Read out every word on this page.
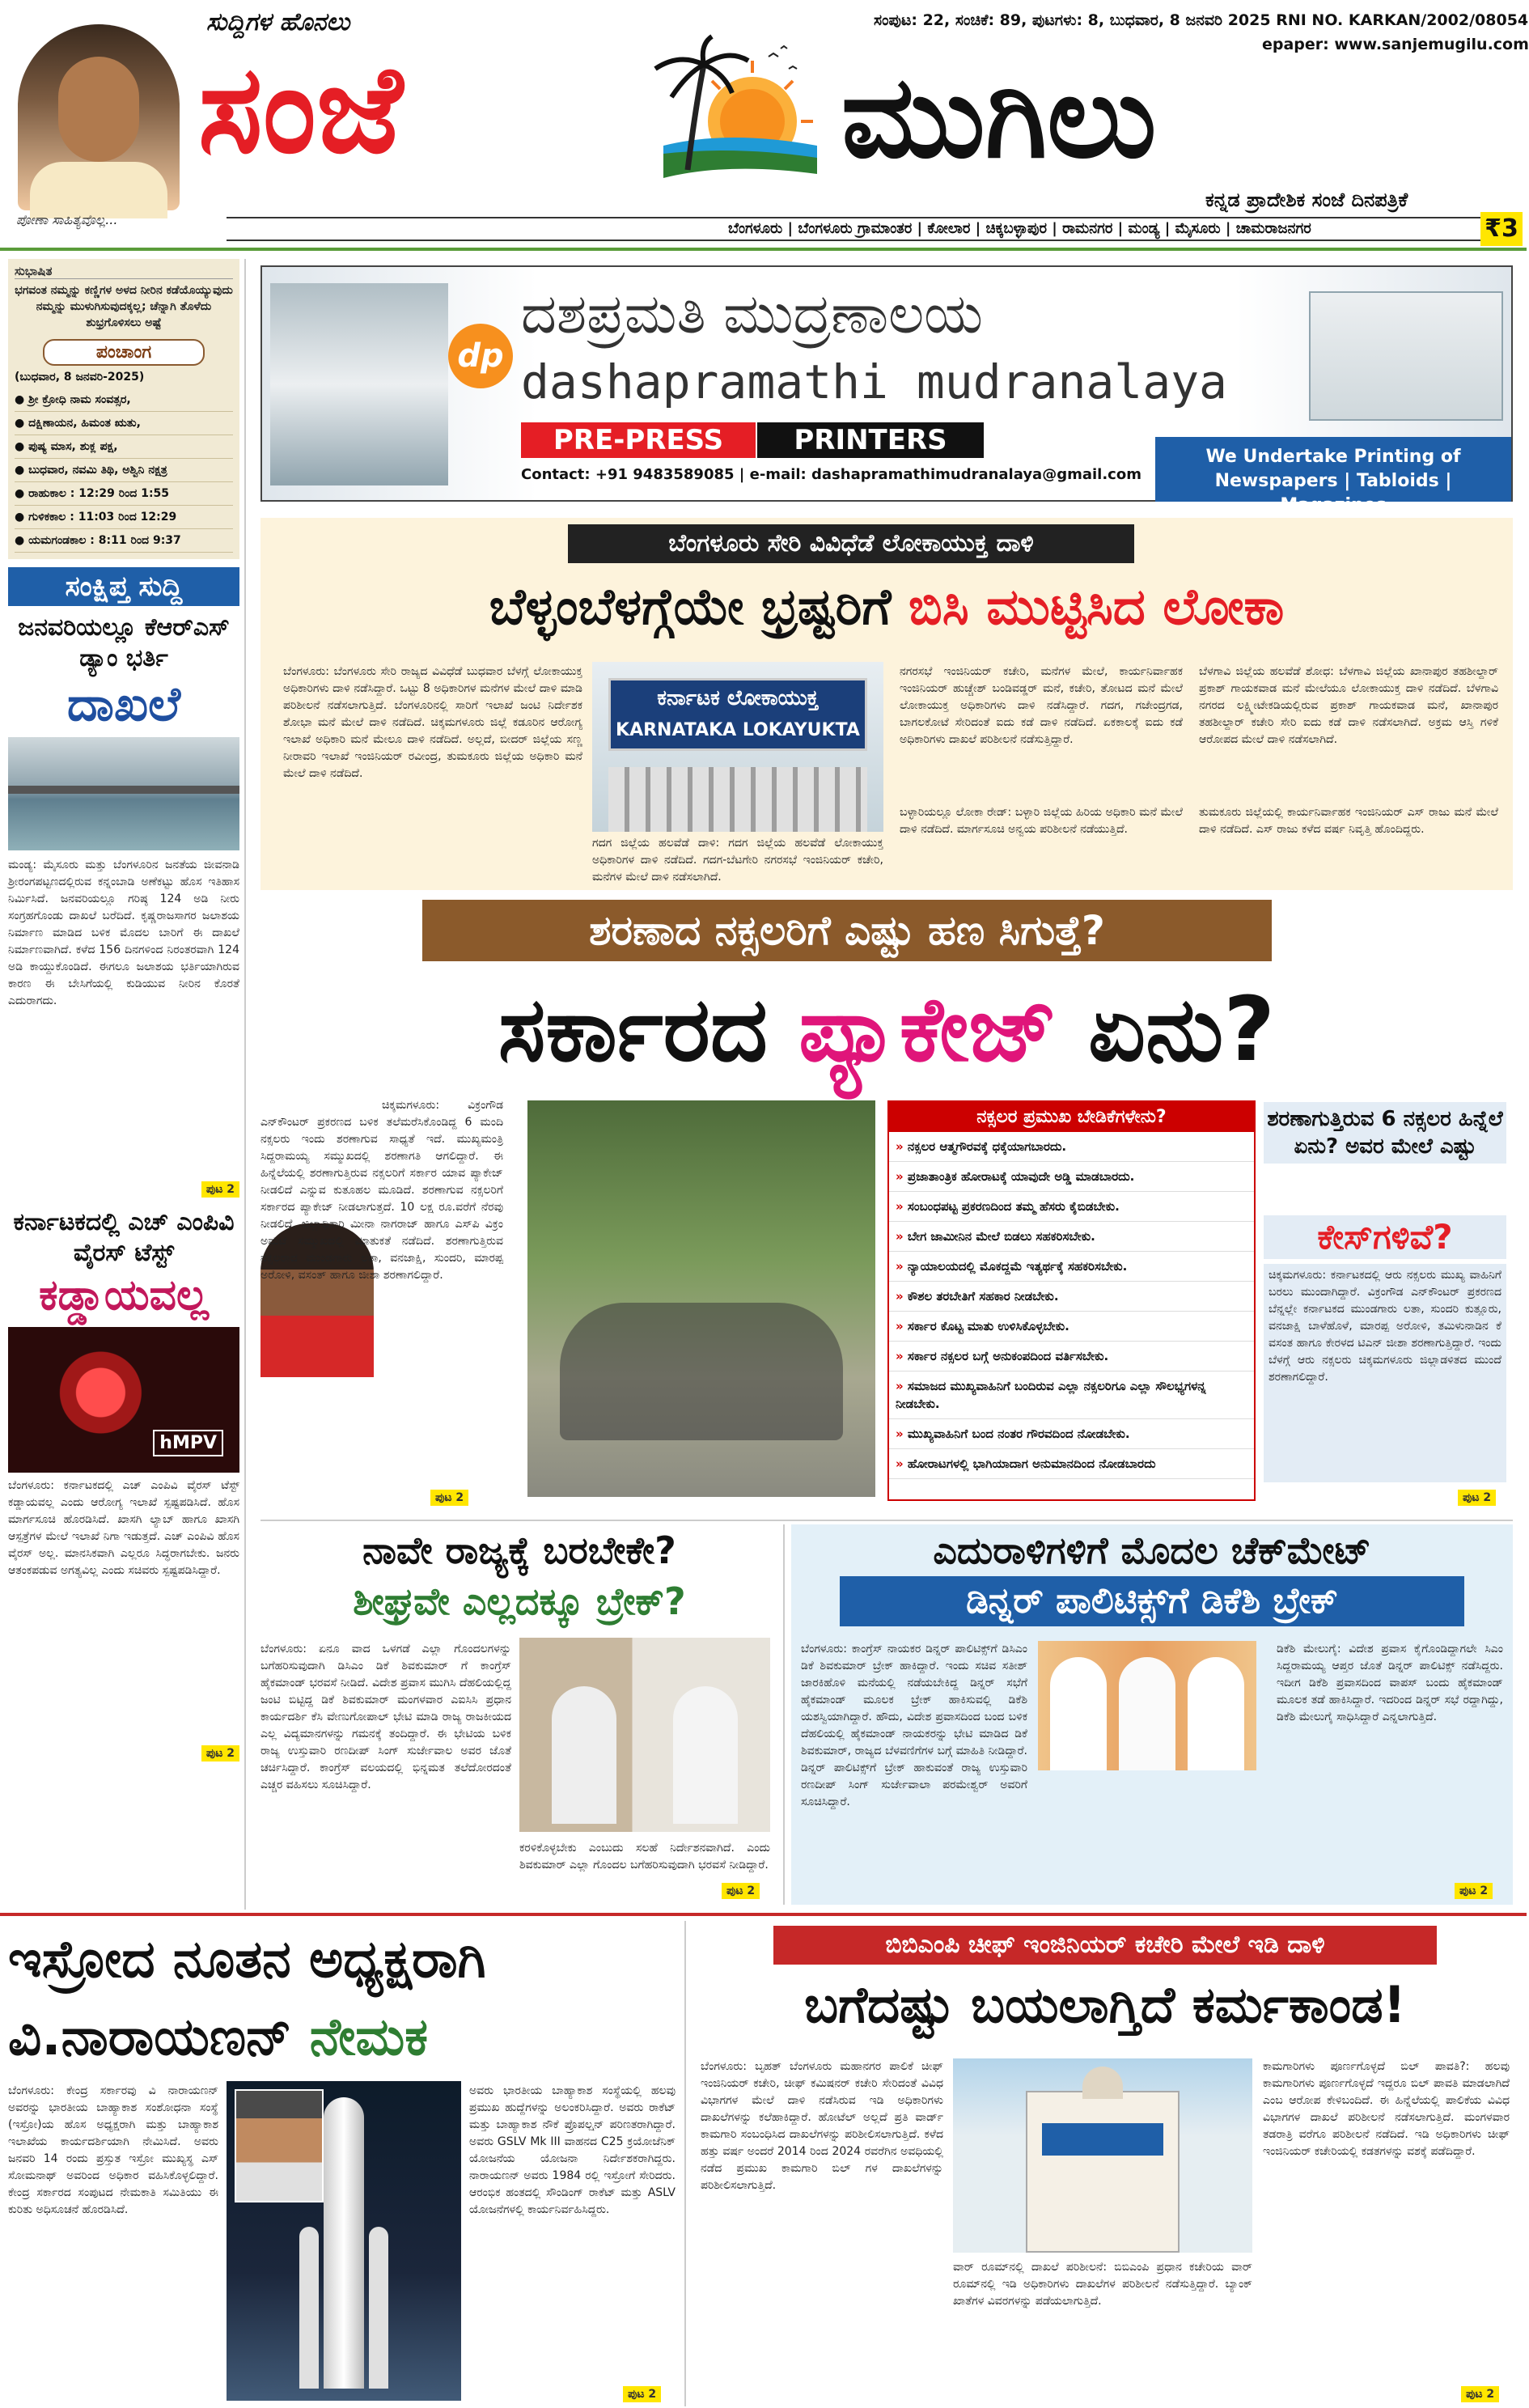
ಪೋಣಾ ಸಾಹಿತ್ಯವೊಲ್ಲ...
ಸುದ್ದಿಗಳ ಹೊನಲು
ಸಂಜೆ	ಮುಗಿಲು
ಸಂಪುಟ: 22, ಸಂಚಿಕೆ: 89, ಪುಟಗಳು: 8, ಬುಧವಾರ, 8 ಜನವರಿ 2025 RNI NO. KARKAN/2002/08054
epaper: www.sanjemugilu.com
ಕನ್ನಡ ಪ್ರಾದೇಶಿಕ ಸಂಜೆ ದಿನಪತ್ರಿಕೆ
ಬೆಂಗಳೂರು | ಬೆಂಗಳೂರು ಗ್ರಾಮಾಂತರ | ಕೋಲಾರ | ಚಿಕ್ಕಬಳ್ಳಾಪುರ | ರಾಮನಗರ | ಮಂಡ್ಯ | ಮೈಸೂರು | ಚಾಮರಾಜನಗರ	₹3
ಸುಭಾಷಿತ
ಭಗವಂತ ನಮ್ಮನ್ನು ಕಣ್ಣಿಗಳ ಅಳದ ನೀರಿನ ಕಡೆಯೊಯ್ಯುವುದು ನಮ್ಮನ್ನು ಮುಳುಗಿಸುವುದಕ್ಕಲ್ಲ; ಚೆನ್ನಾಗಿ ತೊಳೆದು ಶುಭ್ರಗೊಳಿಸಲು ಅಷ್ಟೆ
ಪಂಚಾಂಗ
(ಬುಧವಾರ, 8 ಜನವರಿ-2025)
● ಶ್ರೀ ಕ್ರೋಧಿ ನಾಮ ಸಂವತ್ಸರ,
● ದಕ್ಷಿಣಾಯನ, ಹಿಮಂತ ಋತು,
● ಪುಷ್ಯ ಮಾಸ, ಶುಕ್ಲ ಪಕ್ಷ,
● ಬುಧವಾರ, ನವಮಿ ತಿಥಿ, ಅಶ್ವಿನಿ ನಕ್ಷತ್ರ
● ರಾಹುಕಾಲ : 12:29 ರಿಂದ 1:55
● ಗುಳಿಕಕಾಲ : 11:03 ರಿಂದ 12:29
● ಯಮಗಂಡಕಾಲ : 8:11 ರಿಂದ 9:37
ಸಂಕ್ಷಿಪ್ತ ಸುದ್ದಿ
ಜನವರಿಯಲ್ಲೂ ಕೆಆರ್‌ಎಸ್ ಡ್ಯಾಂ ಭರ್ತಿ
ದಾಖಲೆ
ಮಂಡ್ಯ: ಮೈಸೂರು ಮತ್ತು ಬೆಂಗಳೂರಿನ ಜನತೆಯ ಜೀವನಾಡಿ ಶ್ರೀರಂಗಪಟ್ಟಣದಲ್ಲಿರುವ ಕನ್ನಂಬಾಡಿ ಅಣೆಕಟ್ಟು ಹೊಸ ಇತಿಹಾಸ ನಿರ್ಮಿಸಿದೆ. ಜನವರಿಯಲ್ಲೂ ಗರಿಷ್ಠ 124 ಅಡಿ ನೀರು ಸಂಗ್ರಹಗೊಂಡು ದಾಖಲೆ ಬರೆದಿದೆ. ಕೃಷ್ಣರಾಜಸಾಗರ ಜಲಾಶಯ ನಿರ್ಮಾಣ ಮಾಡಿದ ಬಳಿಕ ಮೊದಲ ಬಾರಿಗೆ ಈ ದಾಖಲೆ ನಿರ್ಮಾಣವಾಗಿದೆ. ಕಳೆದ 156 ದಿನಗಳಿಂದ ನಿರಂತರವಾಗಿ 124 ಅಡಿ ಕಾಯ್ದುಕೊಂಡಿದೆ. ಈಗಲೂ ಜಲಾಶಯ ಭರ್ತಿಯಾಗಿರುವ ಕಾರಣ ಈ ಬೇಸಿಗೆಯಲ್ಲಿ ಕುಡಿಯುವ ನೀರಿನ ಕೊರತೆ ಎದುರಾಗದು.
ಪುಟ 2
ಕರ್ನಾಟಕದಲ್ಲಿ ಎಚ್ ಎಂಪಿವಿ ವೈರಸ್ ಟೆಸ್ಟ್
ಕಡ್ಡಾಯವಲ್ಲ
hMPV
ಬೆಂಗಳೂರು: ಕರ್ನಾಟಕದಲ್ಲಿ ಎಚ್ ಎಂಪಿವಿ ವೈರಸ್ ಟೆಸ್ಟ್ ಕಡ್ಡಾಯವಲ್ಲ ಎಂದು ಆರೋಗ್ಯ ಇಲಾಖೆ ಸ್ಪಷ್ಟಪಡಿಸಿದೆ. ಹೊಸ ಮಾರ್ಗಸೂಚಿ ಹೊರಡಿಸಿದೆ. ಖಾಸಗಿ ಲ್ಯಾಬ್ ಹಾಗೂ ಖಾಸಗಿ ಆಸ್ಪತ್ರೆಗಳ ಮೇಲೆ ಇಲಾಖೆ ನಿಗಾ ಇಡುತ್ತದೆ. ಎಚ್ ಎಂಪಿವಿ ಹೊಸ ವೈರಸ್ ಅಲ್ಲ. ಮಾನಸಿಕವಾಗಿ ಎಲ್ಲರೂ ಸಿದ್ಧರಾಗಬೇಕು. ಜನರು ಆತಂಕಪಡುವ ಅಗತ್ಯವಿಲ್ಲ ಎಂದು ಸಚಿವರು ಸ್ಪಷ್ಟಪಡಿಸಿದ್ದಾರೆ.
ಪುಟ 2
dp
ದಶಪ್ರಮತಿ ಮುದ್ರಣಾಲಯ
dashapramathi mudranalaya
PRE-PRESS	PRINTERS
Contact: +91 9483589085 | e-mail: dashapramathimudranalaya@gmail.com
We Undertake Printing of Newspapers | Tabloids | Magazines
ಬೆಂಗಳೂರು ಸೇರಿ ವಿವಿಧೆಡೆ ಲೋಕಾಯುಕ್ತ ದಾಳಿ
ಬೆಳ್ಳಂಬೆಳಗ್ಗೆಯೇ ಭ್ರಷ್ಟರಿಗೆ ಬಿಸಿ ಮುಟ್ಟಿಸಿದ ಲೋಕಾ
ಬೆಂಗಳೂರು: ಬೆಂಗಳೂರು ಸೇರಿ ರಾಜ್ಯದ ವಿವಿಧೆಡೆ ಬುಧವಾರ ಬೆಳಗ್ಗೆ ಲೋಕಾಯುಕ್ತ ಅಧಿಕಾರಿಗಳು ದಾಳಿ ನಡೆಸಿದ್ದಾರೆ. ಒಟ್ಟು 8 ಅಧಿಕಾರಿಗಳ ಮನೆಗಳ ಮೇಲೆ ದಾಳಿ ಮಾಡಿ ಪರಿಶೀಲನೆ ನಡೆಸಲಾಗುತ್ತಿದೆ. ಬೆಂಗಳೂರಿನಲ್ಲಿ ಸಾರಿಗೆ ಇಲಾಖೆ ಜಂಟಿ ನಿರ್ದೇಶಕ ಶೋಭಾ ಮನೆ ಮೇಲೆ ದಾಳಿ ನಡೆದಿದೆ. ಚಿಕ್ಕಮಗಳೂರು ಜಿಲ್ಲೆ ಕಡೂರಿನ ಆರೋಗ್ಯ ಇಲಾಖೆ ಅಧಿಕಾರಿ ಮನೆ ಮೇಲೂ ದಾಳಿ ನಡೆದಿದೆ. ಅಲ್ಲದೆ, ಬೀದರ್ ಜಿಲ್ಲೆಯ ಸಣ್ಣ ನೀರಾವರಿ ಇಲಾಖೆ ಇಂಜಿನಿಯರ್ ರವೀಂದ್ರ, ತುಮಕೂರು ಜಿಲ್ಲೆಯ ಅಧಿಕಾರಿ ಮನೆ ಮೇಲೆ ದಾಳಿ ನಡೆದಿದೆ.
ಕರ್ನಾಟಕ ಲೋಕಾಯುಕ್ತ
KARNATAKA LOKAYUKTA
ಗದಗ ಜಿಲ್ಲೆಯ ಹಲವೆಡೆ ದಾಳಿ: ಗದಗ ಜಿಲ್ಲೆಯ ಹಲವೆಡೆ ಲೋಕಾಯುಕ್ತ ಅಧಿಕಾರಿಗಳ ದಾಳಿ ನಡೆದಿದೆ. ಗದಗ-ಬೆಟಗೇರಿ ನಗರಸಭೆ ಇಂಜಿನಿಯರ್ ಕಚೇರಿ, ಮನೆಗಳ ಮೇಲೆ ದಾಳಿ ನಡೆಸಲಾಗಿದೆ.
ನಗರಸಭೆ ಇಂಜಿನಿಯರ್ ಕಚೇರಿ, ಮನೆಗಳ ಮೇಲೆ, ಕಾರ್ಯನಿರ್ವಾಹಕ ಇಂಜಿನಿಯರ್ ಹುಚ್ಚೇಶ್ ಬಂಡಿವಡ್ಡರ್ ಮನೆ, ಕಚೇರಿ, ತೋಟದ ಮನೆ ಮೇಲೆ ಲೋಕಾಯುಕ್ತ ಅಧಿಕಾರಿಗಳು ದಾಳಿ ನಡೆಸಿದ್ದಾರೆ. ಗದಗ, ಗಜೇಂದ್ರಗಡ, ಬಾಗಲಕೋಟೆ ಸೇರಿದಂತೆ ಐದು ಕಡೆ ದಾಳಿ ನಡೆದಿದೆ. ಏಕಕಾಲಕ್ಕೆ ಐದು ಕಡೆ ಅಧಿಕಾರಿಗಳು ದಾಖಲೆ ಪರಿಶೀಲನೆ ನಡೆಸುತ್ತಿದ್ದಾರೆ.
ಬಳ್ಳಾರಿಯಲ್ಲೂ ಲೋಕಾ ರೇಡ್: ಬಳ್ಳಾರಿ ಜಿಲ್ಲೆಯ ಹಿರಿಯ ಅಧಿಕಾರಿ ಮನೆ ಮೇಲೆ ದಾಳಿ ನಡೆದಿದೆ. ಮಾರ್ಗಸೂಚಿ ಅನ್ವಯ ಪರಿಶೀಲನೆ ನಡೆಯುತ್ತಿದೆ.
ಬೆಳಗಾವಿ ಜಿಲ್ಲೆಯ ಹಲವೆಡೆ ಶೋಧ: ಬೆಳಗಾವಿ ಜಿಲ್ಲೆಯ ಖಾನಾಪುರ ತಹಶೀಲ್ದಾರ್ ಪ್ರಕಾಶ್ ಗಾಯಕವಾಡ ಮನೆ ಮೇಲೆಯೂ ಲೋಕಾಯುಕ್ತ ದಾಳಿ ನಡೆದಿದೆ. ಬೆಳಗಾವಿ ನಗರದ ಲಕ್ಷ್ಮೀಟೇಕಡಿಯಲ್ಲಿರುವ ಪ್ರಕಾಶ್ ಗಾಯಕವಾಡ ಮನೆ, ಖಾನಾಪುರ ತಹಶೀಲ್ದಾರ್ ಕಚೇರಿ ಸೇರಿ ಐದು ಕಡೆ ದಾಳಿ ನಡೆಸಲಾಗಿದೆ. ಅಕ್ರಮ ಆಸ್ತಿ ಗಳಿಕೆ ಆರೋಪದ ಮೇಲೆ ದಾಳಿ ನಡೆಸಲಾಗಿದೆ.
ತುಮಕೂರು ಜಿಲ್ಲೆಯಲ್ಲಿ ಕಾರ್ಯನಿರ್ವಾಹಕ ಇಂಜಿನಿಯರ್ ಎಸ್ ರಾಜು ಮನೆ ಮೇಲೆ ದಾಳಿ ನಡೆದಿದೆ. ಎಸ್ ರಾಜು ಕಳೆದ ವರ್ಷ ನಿವೃತ್ತಿ ಹೊಂದಿದ್ದರು.
ಶರಣಾದ ನಕ್ಸಲರಿಗೆ ಎಷ್ಟು ಹಣ ಸಿಗುತ್ತೆ?
ಸರ್ಕಾರದ ಪ್ಯಾಕೇಜ್ ಏನು?
ಚಿಕ್ಕಮಗಳೂರು: ವಿಕ್ರಂಗೌಡ ಎನ್‌ಕೌಂಟರ್ ಪ್ರಕರಣದ ಬಳಿಕ ತಲೆಮರೆಸಿಕೊಂಡಿದ್ದ 6 ಮಂದಿ ನಕ್ಸಲರು ಇಂದು ಶರಣಾಗುವ ಸಾಧ್ಯತೆ ಇದೆ. ಮುಖ್ಯಮಂತ್ರಿ ಸಿದ್ದರಾಮಯ್ಯ ಸಮ್ಮುಖದಲ್ಲಿ ಶರಣಾಗತಿ ಆಗಲಿದ್ದಾರೆ. ಈ ಹಿನ್ನೆಲೆಯಲ್ಲಿ ಶರಣಾಗುತ್ತಿರುವ ನಕ್ಸಲರಿಗೆ ಸರ್ಕಾರ ಯಾವ ಪ್ಯಾಕೇಜ್ ನೀಡಲಿದೆ ಎನ್ನುವ ಕುತೂಹಲ ಮೂಡಿದೆ. ಶರಣಾಗುವ ನಕ್ಸಲರಿಗೆ ಸರ್ಕಾರದ ಪ್ಯಾಕೇಜ್ ನೀಡಲಾಗುತ್ತದೆ. 10 ಲಕ್ಷ ರೂ.ವರೆಗೆ ನೆರವು ನೀಡಲಿದೆ. ಜಿಲ್ಲಾಧಿಕಾರಿ ಮೀನಾ ನಾಗರಾಜ್ ಹಾಗೂ ಎಸ್‌ಪಿ ವಿಕ್ರಂ ಅಮಟೆ ಸಮ್ಮುಖದಲ್ಲಿ ಮಾತುಕತೆ ನಡೆದಿದೆ. ಶರಣಾಗುತ್ತಿರುವ ನಕ್ಸಲರಾದ ಮುಂಡಗಾರು ಲತಾ, ವನಜಾಕ್ಷಿ, ಸುಂದರಿ, ಮಾರಪ್ಪ ಅರೋಳಿ, ವಸಂತ್ ಹಾಗೂ ಜೀಶಾ ಶರಣಾಗಲಿದ್ದಾರೆ.
ಪುಟ 2
ನಕ್ಸಲರ ಪ್ರಮುಖ ಬೇಡಿಕೆಗಳೇನು?
» ನಕ್ಸಲರ ಆತ್ಮಗೌರವಕ್ಕೆ ಧಕ್ಕೆಯಾಗಬಾರದು.
» ಪ್ರಜಾತಾಂತ್ರಿಕ ಹೋರಾಟಕ್ಕೆ ಯಾವುದೇ ಅಡ್ಡಿ ಮಾಡಬಾರದು.
» ಸಂಬಂಧಪಟ್ಟ ಪ್ರಕರಣದಿಂದ ತಮ್ಮ ಹೆಸರು ಕೈಬಿಡಬೇಕು.
» ಬೇಗ ಜಾಮೀನಿನ ಮೇಲೆ ಬಿಡಲು ಸಹಕರಿಸಬೇಕು.
» ನ್ಯಾಯಾಲಯದಲ್ಲಿ ಮೊಕದ್ದಮೆ ಇತ್ಯರ್ಥಕ್ಕೆ ಸಹಕರಿಸಬೇಕು.
» ಕೌಶಲ ತರಬೇತಿಗೆ ಸಹಕಾರ ನೀಡಬೇಕು.
» ಸರ್ಕಾರ ಕೊಟ್ಟ ಮಾತು ಉಳಿಸಿಕೊಳ್ಳಬೇಕು.
» ಸರ್ಕಾರ ನಕ್ಸಲರ ಬಗ್ಗೆ ಅನುಕಂಪದಿಂದ ವರ್ತಿಸಬೇಕು.
» ಸಮಾಜದ ಮುಖ್ಯವಾಹಿನಿಗೆ ಬಂದಿರುವ ಎಲ್ಲಾ ನಕ್ಸಲರಿಗೂ ಎಲ್ಲಾ ಸೌಲಭ್ಯಗಳನ್ನ ನೀಡಬೇಕು.
» ಮುಖ್ಯವಾಹಿನಿಗೆ ಬಂದ ನಂತರ ಗೌರವದಿಂದ ನೋಡಬೇಕು.
» ಹೋರಾಟಗಳಲ್ಲಿ ಭಾಗಿಯಾದಾಗ ಅನುಮಾನದಿಂದ ನೋಡಬಾರದು
ಶರಣಾಗುತ್ತಿರುವ 6 ನಕ್ಸಲರ ಹಿನ್ನೆಲೆ ಏನು? ಅವರ ಮೇಲೆ ಎಷ್ಟು
ಕೇಸ್‌ಗಳಿವೆ?
ಚಿಕ್ಕಮಗಳೂರು: ಕರ್ನಾಟಕದಲ್ಲಿ ಆರು ನಕ್ಸಲರು ಮುಖ್ಯ ವಾಹಿನಿಗೆ ಬರಲು ಮುಂದಾಗಿದ್ದಾರೆ. ವಿಕ್ರಂಗೌಡ ಎನ್‌ಕೌಂಟರ್ ಪ್ರಕರಣದ ಬೆನ್ನಲ್ಲೇ ಕರ್ನಾಟಕದ ಮುಂಡಗಾರು ಲತಾ, ಸುಂದರಿ ಕುತ್ಲೂರು, ವನಜಾಕ್ಷಿ ಬಾಳೆಹೊಳೆ, ಮಾರಪ್ಪ ಅರೋಳಿ, ತಮಿಳುನಾಡಿನ ಕೆ ವಸಂತ ಹಾಗೂ ಕೇರಳದ ಟಿಎನ್ ಜೀಶಾ ಶರಣಾಗುತ್ತಿದ್ದಾರೆ. ಇಂದು ಬೆಳಗ್ಗೆ ಆರು ನಕ್ಸಲರು ಚಿಕ್ಕಮಗಳೂರು ಜಿಲ್ಲಾಡಳಿತದ ಮುಂದೆ ಶರಣಾಗಲಿದ್ದಾರೆ.
ಪುಟ 2
ನಾವೇ ರಾಜ್ಯಕ್ಕೆ ಬರಬೇಕೇ?
ಶೀಘ್ರವೇ ಎಲ್ಲದಕ್ಕೂ ಬ್ರೇಕ್?
ಬೆಂಗಳೂರು: ಏನೂ ವಾದ ಒಳಗಡೆ ಎಲ್ಲಾ ಗೊಂದಲಗಳನ್ನು ಬಗೆಹರಿಸುವುದಾಗಿ ಡಿಸಿಎಂ ಡಿಕೆ ಶಿವಕುಮಾರ್ ಗೆ ಕಾಂಗ್ರೆಸ್ ಹೈಕಮಾಂಡ್ ಭರವಸೆ ನೀಡಿದೆ. ವಿದೇಶ ಪ್ರವಾಸ ಮುಗಿಸಿ ದೆಹಲಿಯಲ್ಲಿದ್ದ ಜಂಟಿ ಬಿಟ್ಟಿದ್ದ ಡಿಕೆ ಶಿವಕುಮಾರ್ ಮಂಗಳವಾರ ಎಐಸಿಸಿ ಪ್ರಧಾನ ಕಾರ್ಯದರ್ಶಿ ಕೆಸಿ ವೇಣುಗೋಪಾಲ್ ಭೇಟಿ ಮಾಡಿ ರಾಜ್ಯ ರಾಜಕೀಯದ ಎಲ್ಲ ವಿದ್ಯಮಾನಗಳನ್ನು ಗಮನಕ್ಕೆ ತಂದಿದ್ದಾರೆ. ಈ ಭೇಟಿಯ ಬಳಿಕ ರಾಜ್ಯ ಉಸ್ತುವಾರಿ ರಣದೀಪ್ ಸಿಂಗ್ ಸುರ್ಜೇವಾಲ ಅವರ ಜೊತೆ ಚರ್ಚಿಸಿದ್ದಾರೆ. ಕಾಂಗ್ರೆಸ್ ವಲಯದಲ್ಲಿ ಭಿನ್ನಮತ ತಲೆದೋರದಂತೆ ಎಚ್ಚರ ವಹಿಸಲು ಸೂಚಿಸಿದ್ದಾರೆ.
ಕರಳಿಕೊಳ್ಳಬೇಕು ಎಂಬುದು ಸಲಹೆ ನಿರ್ದೇಶನವಾಗಿದೆ. ಎಂದು ಶಿವಕುಮಾರ್ ಎಲ್ಲಾ ಗೊಂದಲ ಬಗೆಹರಿಸುವುದಾಗಿ ಭರವಸೆ ನೀಡಿದ್ದಾರೆ.
ಪುಟ 2
ಎದುರಾಳಿಗಳಿಗೆ ಮೊದಲ ಚೆಕ್‌ಮೇಟ್
ಡಿನ್ನರ್ ಪಾಲಿಟಿಕ್ಸ್‌ಗೆ ಡಿಕೆಶಿ ಬ್ರೇಕ್
ಬೆಂಗಳೂರು: ಕಾಂಗ್ರೆಸ್ ನಾಯಕರ ಡಿನ್ನರ್ ಪಾಲಿಟಿಕ್ಸ್‌ಗೆ ಡಿಸಿಎಂ ಡಿಕೆ ಶಿವಕುಮಾರ್ ಬ್ರೇಕ್ ಹಾಕಿದ್ದಾರೆ. ಇಂದು ಸಚಿವ ಸತೀಶ್ ಜಾರಕಿಹೊಳಿ ಮನೆಯಲ್ಲಿ ನಡೆಯಬೇಕಿದ್ದ ಡಿನ್ನರ್ ಸಭೆಗೆ ಹೈಕಮಾಂಡ್ ಮೂಲಕ ಬ್ರೇಕ್ ಹಾಕಿಸುವಲ್ಲಿ ಡಿಕೆಶಿ ಯಶಸ್ವಿಯಾಗಿದ್ದಾರೆ. ಹೌದು, ವಿದೇಶ ಪ್ರವಾಸದಿಂದ ಬಂದ ಬಳಿಕ ದೆಹಲಿಯಲ್ಲಿ ಹೈಕಮಾಂಡ್ ನಾಯಕರನ್ನು ಭೇಟಿ ಮಾಡಿದ ಡಿಕೆ ಶಿವಕುಮಾರ್, ರಾಜ್ಯದ ಬೆಳವಣಿಗೆಗಳ ಬಗ್ಗೆ ಮಾಹಿತಿ ನೀಡಿದ್ದಾರೆ. ಡಿನ್ನರ್ ಪಾಲಿಟಿಕ್ಸ್‌ಗೆ ಬ್ರೇಕ್ ಹಾಕುವಂತೆ ರಾಜ್ಯ ಉಸ್ತುವಾರಿ ರಣದೀಪ್ ಸಿಂಗ್ ಸುರ್ಜೇವಾಲಾ ಪರಮೇಶ್ವರ್ ಅವರಿಗೆ ಸೂಚಿಸಿದ್ದಾರೆ.
ಡಿಕೆಶಿ ಮೇಲುಗೈ: ವಿದೇಶ ಪ್ರವಾಸ ಕೈಗೊಂಡಿದ್ದಾಗಲೇ ಸಿಎಂ ಸಿದ್ದರಾಮಯ್ಯ ಆಪ್ತರ ಜೊತೆ ಡಿನ್ನರ್ ಪಾಲಿಟಿಕ್ಸ್ ನಡೆಸಿದ್ದರು. ಇದೀಗ ಡಿಕೆಶಿ ಪ್ರವಾಸದಿಂದ ವಾಪಸ್ ಬಂದು ಹೈಕಮಾಂಡ್ ಮೂಲಕ ತಡೆ ಹಾಕಿಸಿದ್ದಾರೆ. ಇದರಿಂದ ಡಿನ್ನರ್ ಸಭೆ ರದ್ದಾಗಿದ್ದು, ಡಿಕೆಶಿ ಮೇಲುಗೈ ಸಾಧಿಸಿದ್ದಾರೆ ಎನ್ನಲಾಗುತ್ತಿದೆ.
ಪುಟ 2
ಇಸ್ರೋದ ನೂತನ ಅಧ್ಯಕ್ಷರಾಗಿ
ವಿ.ನಾರಾಯಣನ್ ನೇಮಕ
ಬೆಂಗಳೂರು: ಕೇಂದ್ರ ಸರ್ಕಾರವು ವಿ ನಾರಾಯಣನ್ ಅವರನ್ನು ಭಾರತೀಯ ಬಾಹ್ಯಾಕಾಶ ಸಂಶೋಧನಾ ಸಂಸ್ಥೆ (ಇಸ್ರೋ)ಯ ಹೊಸ ಅಧ್ಯಕ್ಷರಾಗಿ ಮತ್ತು ಬಾಹ್ಯಾಕಾಶ ಇಲಾಖೆಯ ಕಾರ್ಯದರ್ಶಿಯಾಗಿ ನೇಮಿಸಿದೆ. ಅವರು ಜನವರಿ 14 ರಂದು ಪ್ರಸ್ತುತ ಇಸ್ರೋ ಮುಖ್ಯಸ್ಥ ಎಸ್ ಸೋಮನಾಥ್ ಅವರಿಂದ ಅಧಿಕಾರ ವಹಿಸಿಕೊಳ್ಳಲಿದ್ದಾರೆ. ಕೇಂದ್ರ ಸರ್ಕಾರದ ಸಂಪುಟದ ನೇಮಕಾತಿ ಸಮಿತಿಯು ಈ ಕುರಿತು ಅಧಿಸೂಚನೆ ಹೊರಡಿಸಿದೆ.
ಅವರು ಭಾರತೀಯ ಬಾಹ್ಯಾಕಾಶ ಸಂಸ್ಥೆಯಲ್ಲಿ ಹಲವು ಪ್ರಮುಖ ಹುದ್ದೆಗಳನ್ನು ಅಲಂಕರಿಸಿದ್ದಾರೆ. ಅವರು ರಾಕೆಟ್ ಮತ್ತು ಬಾಹ್ಯಾಕಾಶ ನೌಕೆ ಪ್ರೊಪಲ್ಷನ್ ಪರಿಣತರಾಗಿದ್ದಾರೆ. ಅವರು GSLV Mk III ವಾಹನದ C25 ಕ್ರಯೋಜೆನಿಕ್ ಯೋಜನೆಯ ಯೋಜನಾ ನಿರ್ದೇಶಕರಾಗಿದ್ದರು. ನಾರಾಯಣನ್ ಅವರು 1984 ರಲ್ಲಿ ಇಸ್ರೋಗೆ ಸೇರಿದರು. ಆರಂಭಿಕ ಹಂತದಲ್ಲಿ ಸೌಂಡಿಂಗ್ ರಾಕೆಟ್ ಮತ್ತು ASLV ಯೋಜನೆಗಳಲ್ಲಿ ಕಾರ್ಯನಿರ್ವಹಿಸಿದ್ದರು.
ಪುಟ 2
ಬಿಬಿಎಂಪಿ ಚೀಫ್ ಇಂಜಿನಿಯರ್ ಕಚೇರಿ ಮೇಲೆ ಇಡಿ ದಾಳಿ
ಬಗೆದಷ್ಟು ಬಯಲಾಗ್ತಿದೆ ಕರ್ಮಕಾಂಡ!
ಬೆಂಗಳೂರು: ಬೃಹತ್ ಬೆಂಗಳೂರು ಮಹಾನಗರ ಪಾಲಿಕೆ ಚೀಫ್ ಇಂಜಿನಿಯರ್ ಕಚೇರಿ, ಚೀಫ್ ಕಮಿಷನರ್ ಕಚೇರಿ ಸೇರಿದಂತೆ ವಿವಿಧ ವಿಭಾಗಗಳ ಮೇಲೆ ದಾಳಿ ನಡೆಸಿರುವ ಇಡಿ ಅಧಿಕಾರಿಗಳು ದಾಖಲೆಗಳನ್ನು ಕಲೆಹಾಕಿದ್ದಾರೆ. ಹೋಟೆಲ್ ಅಲ್ಲದೆ ಪ್ರತಿ ವಾರ್ಡ್ ಕಾಮಗಾರಿ ಸಂಬಂಧಿಸಿದ ದಾಖಲೆಗಳನ್ನು ಪರಿಶೀಲಿಸಲಾಗುತ್ತಿದೆ. ಕಳೆದ ಹತ್ತು ವರ್ಷ ಅಂದರೆ 2014 ರಿಂದ 2024 ರವರೆಗಿನ ಅವಧಿಯಲ್ಲಿ ನಡೆದ ಪ್ರಮುಖ ಕಾಮಗಾರಿ ಬಿಲ್ ಗಳ ದಾಖಲೆಗಳನ್ನು ಪರಿಶೀಲಿಸಲಾಗುತ್ತಿದೆ.
ವಾರ್ ರೂಮ್‌ನಲ್ಲಿ ದಾಖಲೆ ಪರಿಶೀಲನೆ: ಬಿಬಿಎಂಪಿ ಪ್ರಧಾನ ಕಚೇರಿಯ ವಾರ್ ರೂಮ್‌ನಲ್ಲಿ ಇಡಿ ಅಧಿಕಾರಿಗಳು ದಾಖಲೆಗಳ ಪರಿಶೀಲನೆ ನಡೆಸುತ್ತಿದ್ದಾರೆ. ಬ್ಯಾಂಕ್ ಖಾತೆಗಳ ವಿವರಗಳನ್ನು ಪಡೆಯಲಾಗುತ್ತಿದೆ.
ಕಾಮಗಾರಿಗಳು ಪೂರ್ಣಗೊಳ್ಳದೆ ಬಿಲ್ ಪಾವತಿ?: ಹಲವು ಕಾಮಗಾರಿಗಳು ಪೂರ್ಣಗೊಳ್ಳದೆ ಇದ್ದರೂ ಬಿಲ್ ಪಾವತಿ ಮಾಡಲಾಗಿದೆ ಎಂಬ ಆರೋಪ ಕೇಳಿಬಂದಿದೆ. ಈ ಹಿನ್ನೆಲೆಯಲ್ಲಿ ಪಾಲಿಕೆಯ ವಿವಿಧ ವಿಭಾಗಗಳ ದಾಖಲೆ ಪರಿಶೀಲನೆ ನಡೆಸಲಾಗುತ್ತಿದೆ. ಮಂಗಳವಾರ ತಡರಾತ್ರಿ ವರೆಗೂ ಪರಿಶೀಲನೆ ನಡೆದಿದೆ. ಇಡಿ ಅಧಿಕಾರಿಗಳು ಚೀಫ್ ಇಂಜಿನಿಯರ್ ಕಚೇರಿಯಲ್ಲಿ ಕಡತಗಳನ್ನು ವಶಕ್ಕೆ ಪಡೆದಿದ್ದಾರೆ.
ಪುಟ 2
